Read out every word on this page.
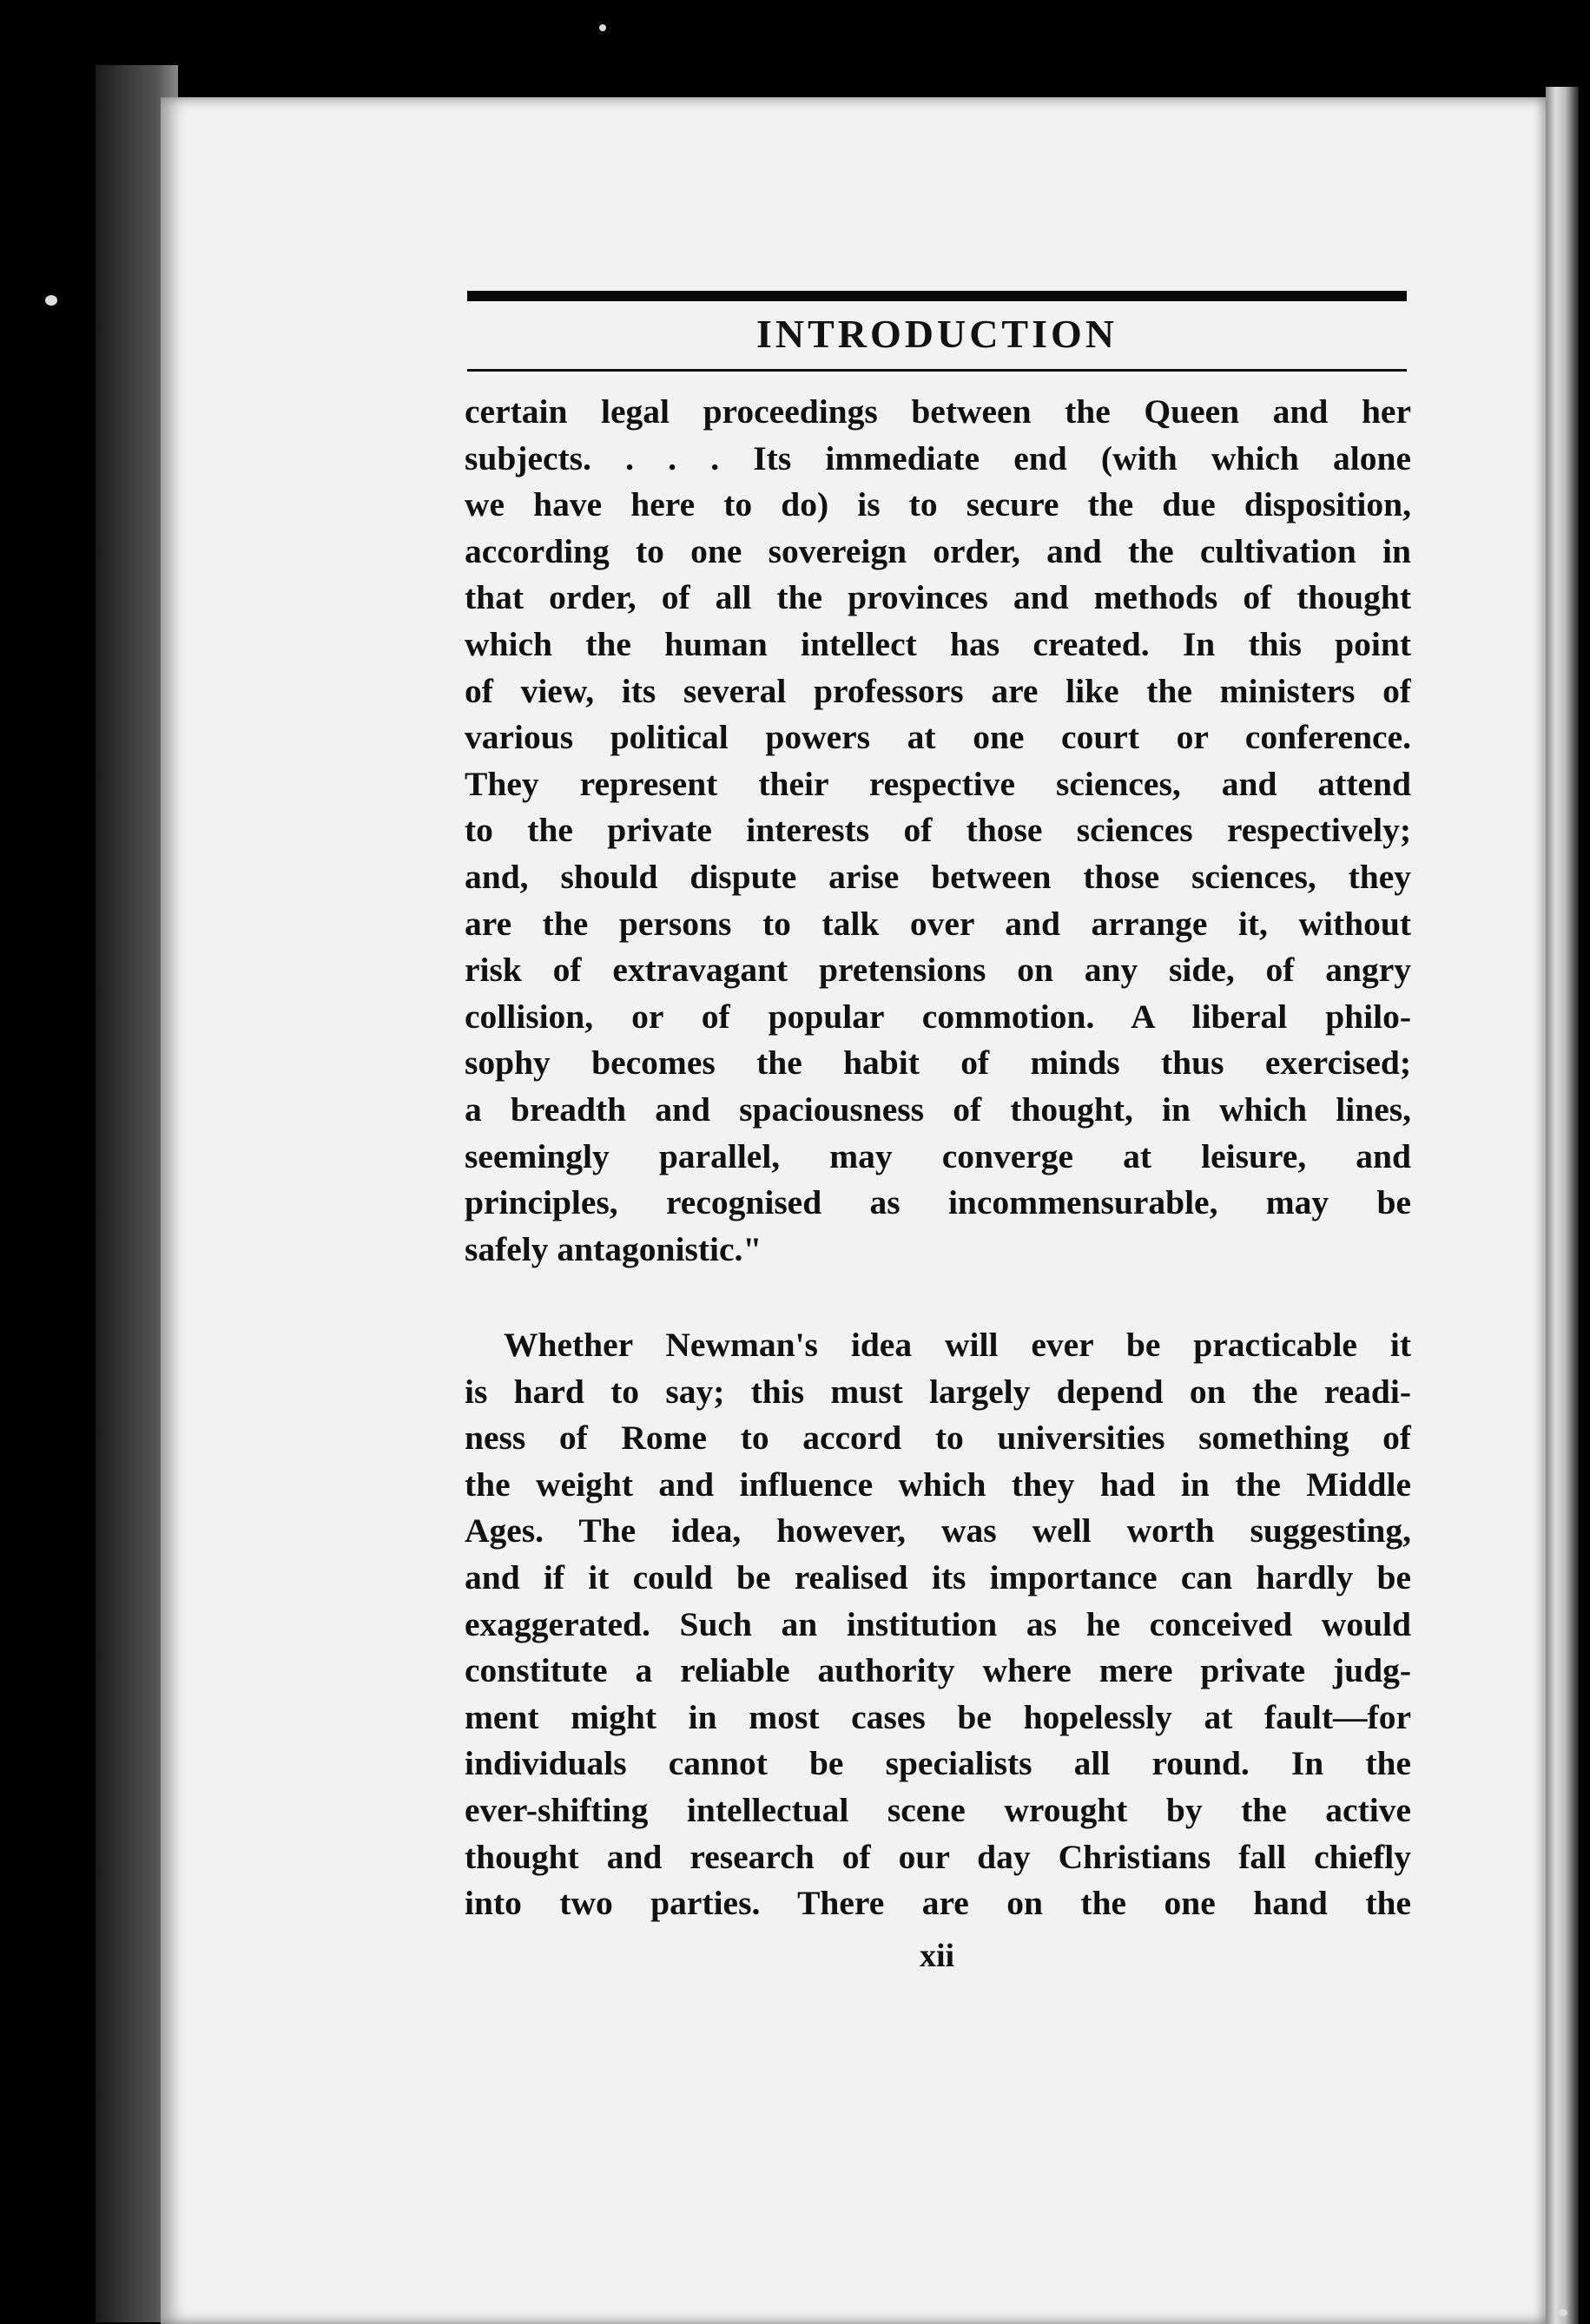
INTRODUCTION
certain legal proceedings between the Queen and her
subjects. . . . Its immediate end (with which alone
we have here to do) is to secure the due disposition,
according to one sovereign order, and the cultivation in
that order, of all the provinces and methods of thought
which the human intellect has created. In this point
of view, its several professors are like the ministers of
various political powers at one court or conference.
They represent their respective sciences, and attend
to the private interests of those sciences respectively;
and, should dispute arise between those sciences, they
are the persons to talk over and arrange it, without
risk of extravagant pretensions on any side, of angry
collision, or of popular commotion. A liberal philo-
sophy becomes the habit of minds thus exercised;
a breadth and spaciousness of thought, in which lines,
seemingly parallel, may converge at leisure, and
principles, recognised as incommensurable, may be
safely antagonistic."
Whether Newman's idea will ever be practicable it
is hard to say; this must largely depend on the readi-
ness of Rome to accord to universities something of
the weight and influence which they had in the Middle
Ages. The idea, however, was well worth suggesting,
and if it could be realised its importance can hardly be
exaggerated. Such an institution as he conceived would
constitute a reliable authority where mere private judg-
ment might in most cases be hopelessly at fault—for
individuals cannot be specialists all round. In the
ever-shifting intellectual scene wrought by the active
thought and research of our day Christians fall chiefly
into two parties. There are on the one hand the
xii
